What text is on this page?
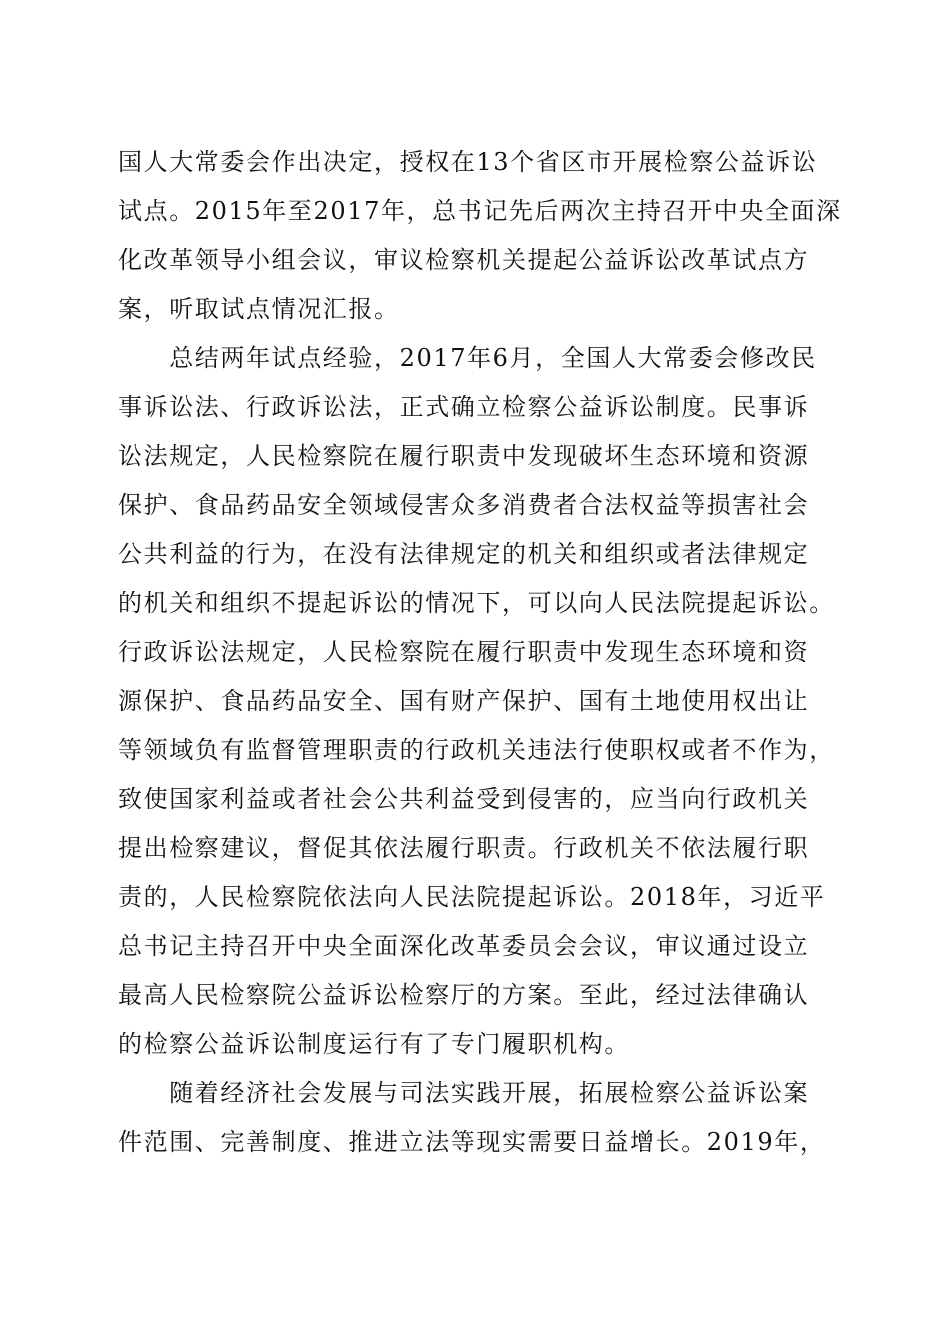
国人大常委会作出决定，授权在13个省区市开展检察公益诉讼
试点。2015年至2017年，总书记先后两次主持召开中央全面深
化改革领导小组会议，审议检察机关提起公益诉讼改革试点方
案，听取试点情况汇报。
　　总结两年试点经验，2017年6月，全国人大常委会修改民
事诉讼法、行政诉讼法，正式确立检察公益诉讼制度。民事诉
讼法规定，人民检察院在履行职责中发现破坏生态环境和资源
保护、食品药品安全领域侵害众多消费者合法权益等损害社会
公共利益的行为，在没有法律规定的机关和组织或者法律规定
的机关和组织不提起诉讼的情况下，可以向人民法院提起诉讼。
行政诉讼法规定，人民检察院在履行职责中发现生态环境和资
源保护、食品药品安全、国有财产保护、国有土地使用权出让
等领域负有监督管理职责的行政机关违法行使职权或者不作为，
致使国家利益或者社会公共利益受到侵害的，应当向行政机关
提出检察建议，督促其依法履行职责。行政机关不依法履行职
责的，人民检察院依法向人民法院提起诉讼。2018年，习近平
总书记主持召开中央全面深化改革委员会会议，审议通过设立
最高人民检察院公益诉讼检察厅的方案。至此，经过法律确认
的检察公益诉讼制度运行有了专门履职机构。
　　随着经济社会发展与司法实践开展，拓展检察公益诉讼案
件范围、完善制度、推进立法等现实需要日益增长。2019年，
